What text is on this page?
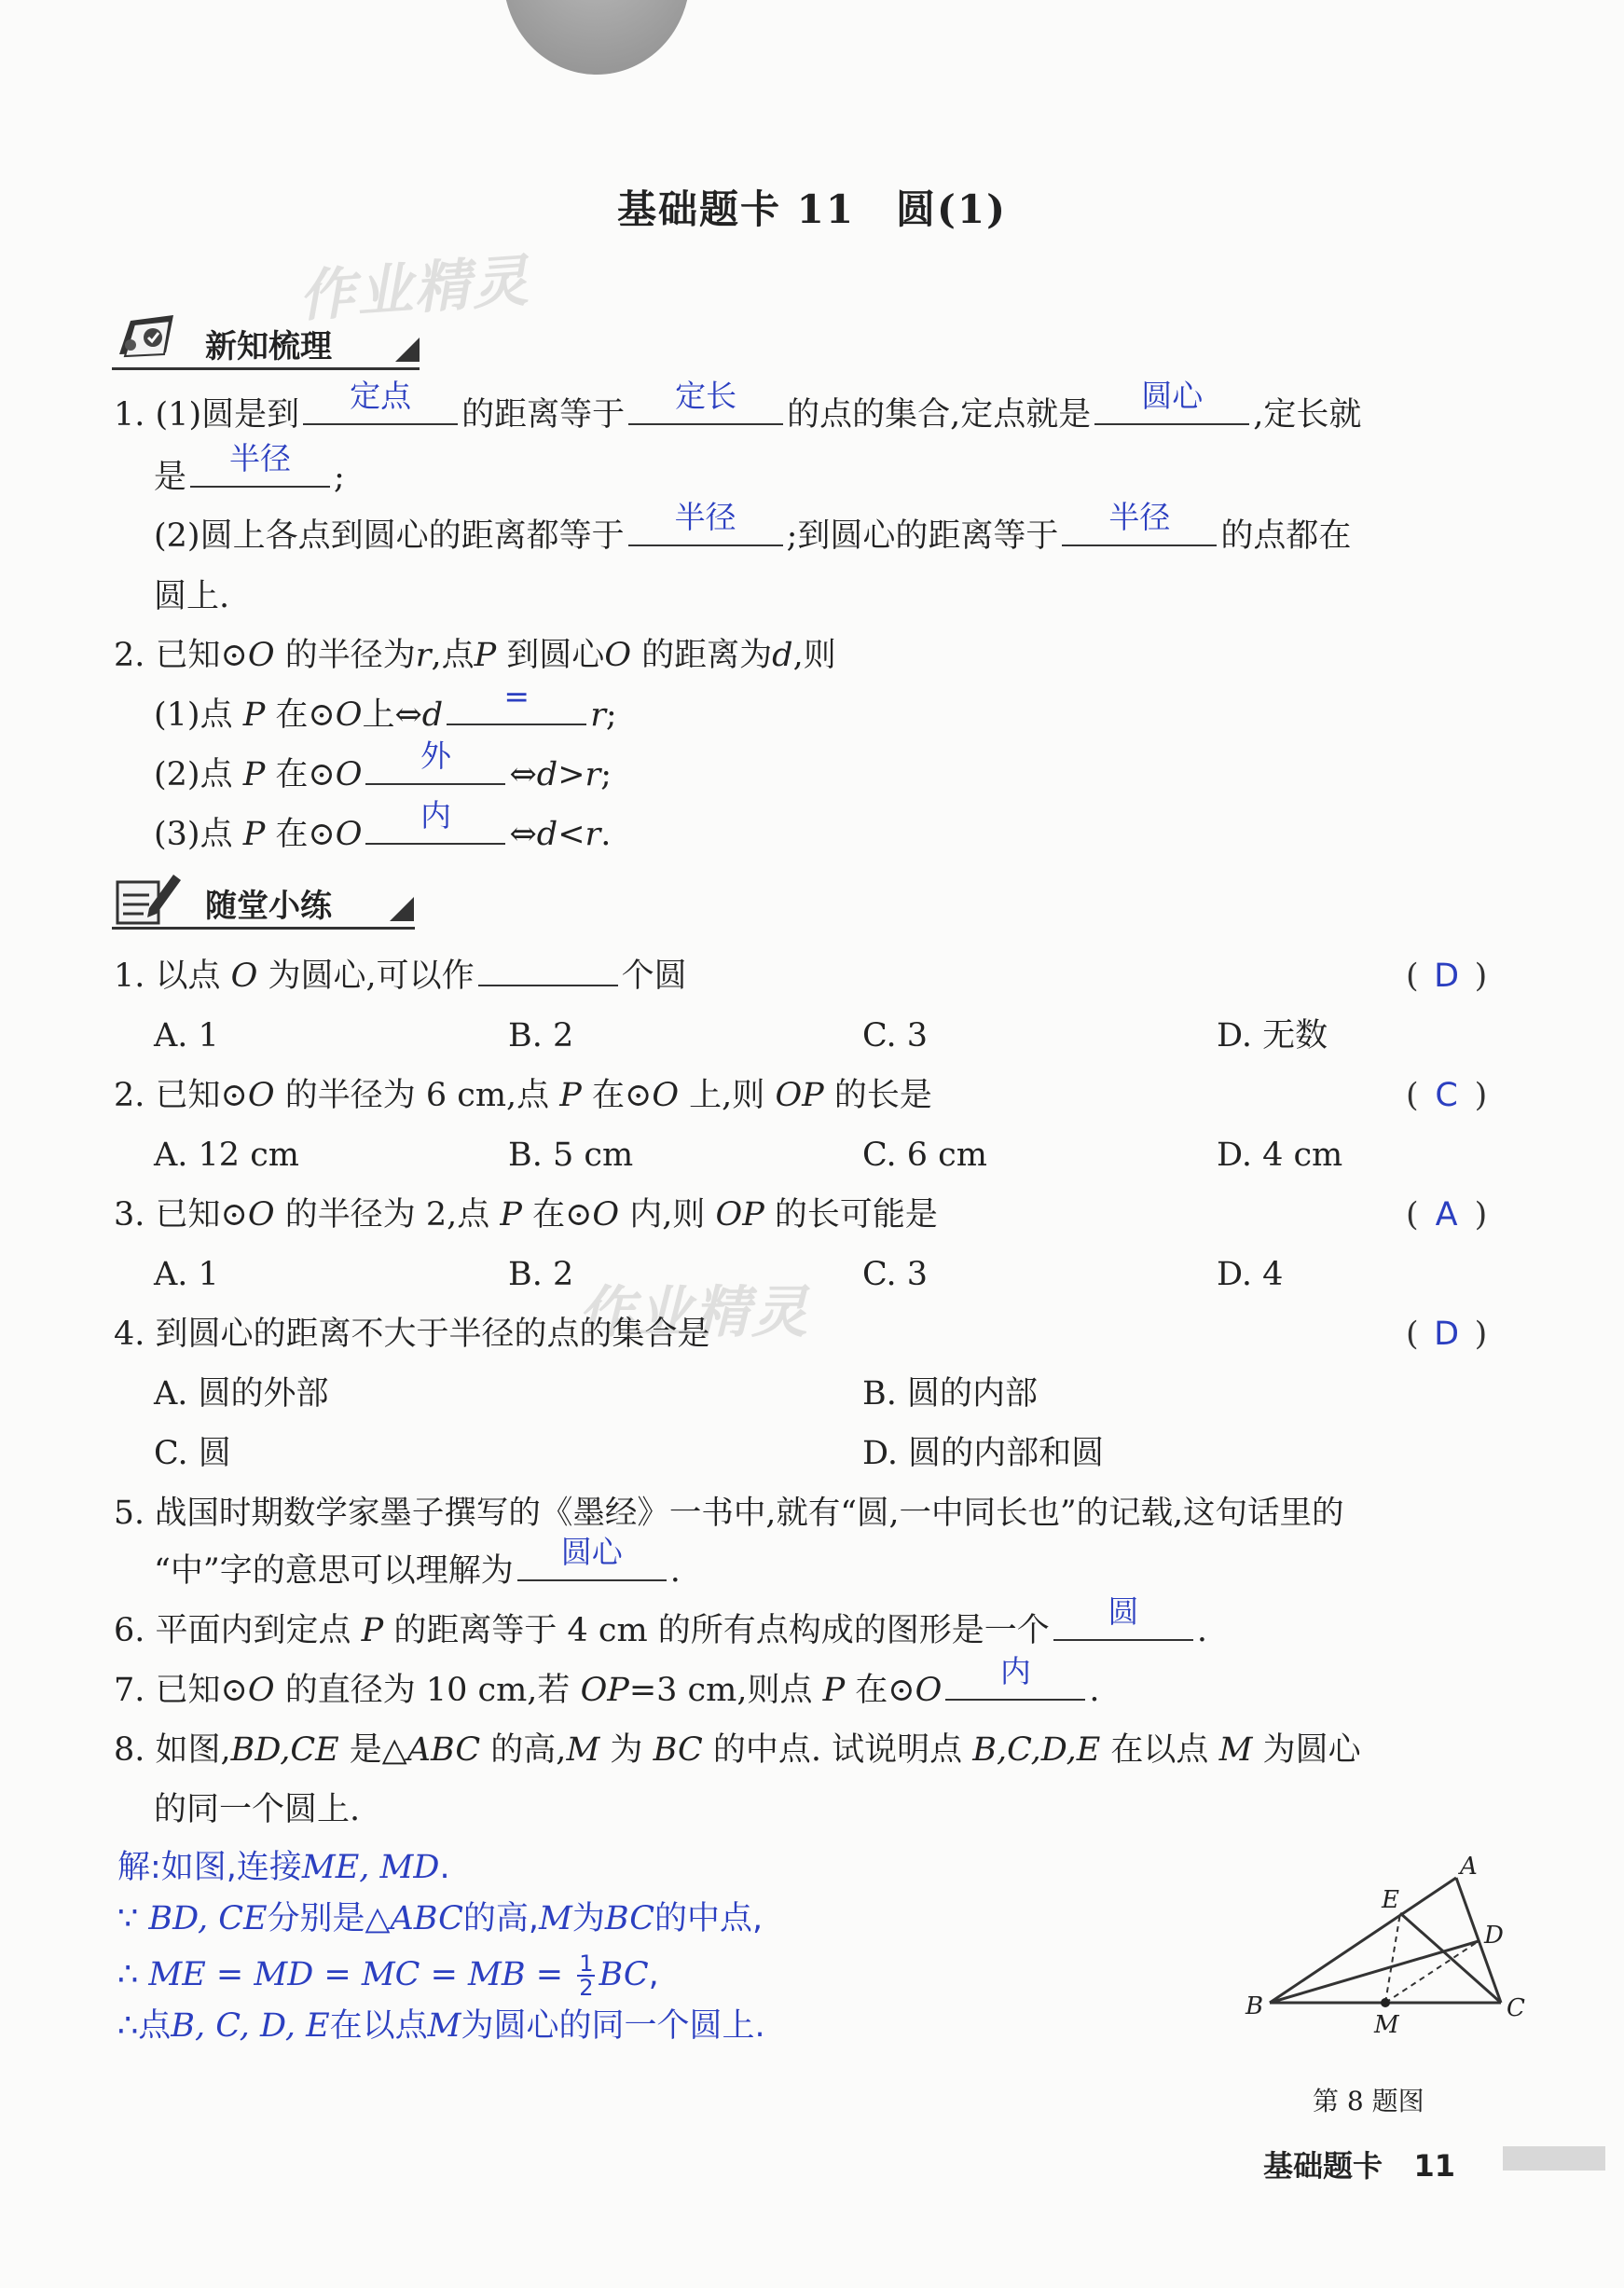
基础题卡 11　圆(1)
作业精灵
作业精灵
新知梳理
1. (1)圆是到
定点
的距离等于
定长
的点的集合,定点就是
圆心
,定长就
是
半径
;
(2)圆上各点到圆心的距离都等于
半径
;到圆心的距离等于
半径
的点都在
圆上.
2. 已知⊙O 的半径为r,点P 到圆心O 的距离为d,则
(1)点 P 在⊙O上⇔d
=
r;
(2)点 P 在⊙O
外
⇔d>r;
(3)点 P 在⊙O
内
⇔d<r.
随堂小练
1. 以点 O 为圆心,可以作	个圆	( D )
A. 1	B. 2	C. 3	D. 无数
2. 已知⊙O 的半径为 6 cm,点 P 在⊙O 上,则 OP 的长是	( C )
A. 12 cm	B. 5 cm	C. 6 cm	D. 4 cm
3. 已知⊙O 的半径为 2,点 P 在⊙O 内,则 OP 的长可能是	( A )
A. 1	B. 2	C. 3	D. 4
4. 到圆心的距离不大于半径的点的集合是	( D )
A. 圆的外部	B. 圆的内部
C. 圆	D. 圆的内部和圆
5. 战国时期数学家墨子撰写的《墨经》一书中,就有“圆,一中同长也”的记载,这句话里的
“中”字的意思可以理解为
圆心
.
6. 平面内到定点 P 的距离等于 4 cm 的所有点构成的图形是一个
圆
.
7. 已知⊙O 的直径为 10 cm,若 OP=3 cm,则点 P 在⊙O
内
.
8. 如图,BD,CE 是△ABC 的高,M 为 BC 的中点. 试说明点 B,C,D,E 在以点 M 为圆心
的同一个圆上.
解:如图,连接ME, MD.
∵ BD, CE分别是△ABC的高,M为BC的中点,
∴ ME = MD = MC = MB = $\frac{1}{2}$ BC,
∴点B, C, D, E在以点M为圆心的同一个圆上.
A
B	C
D
E
M
第 8 题图
基础题卡 11
